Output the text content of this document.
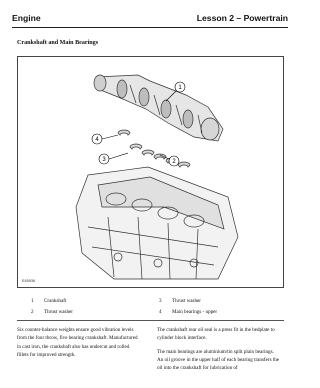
Engine	Lesson 2 – Powertrain
Crankshaft and Main Bearings
1
4
3	2
E45936
1 Crankshaft
2 Thrust washer
3 Thrust washer
4 Main bearings - upper

Six counter-balance weights ensure good vibration levels from the four throw, five bearing crankshaft. Manufactured in cast iron, the crankshaft also has undercut and rolled fillets for improved strength.

The crankshaft rear oil seal is a press fit in the bedplate to cylinder block interface.

The main bearings are aluminium/tin split plain bearings. An oil groove in the upper half of each bearing transfers the oil into the crankshaft for lubrication of
